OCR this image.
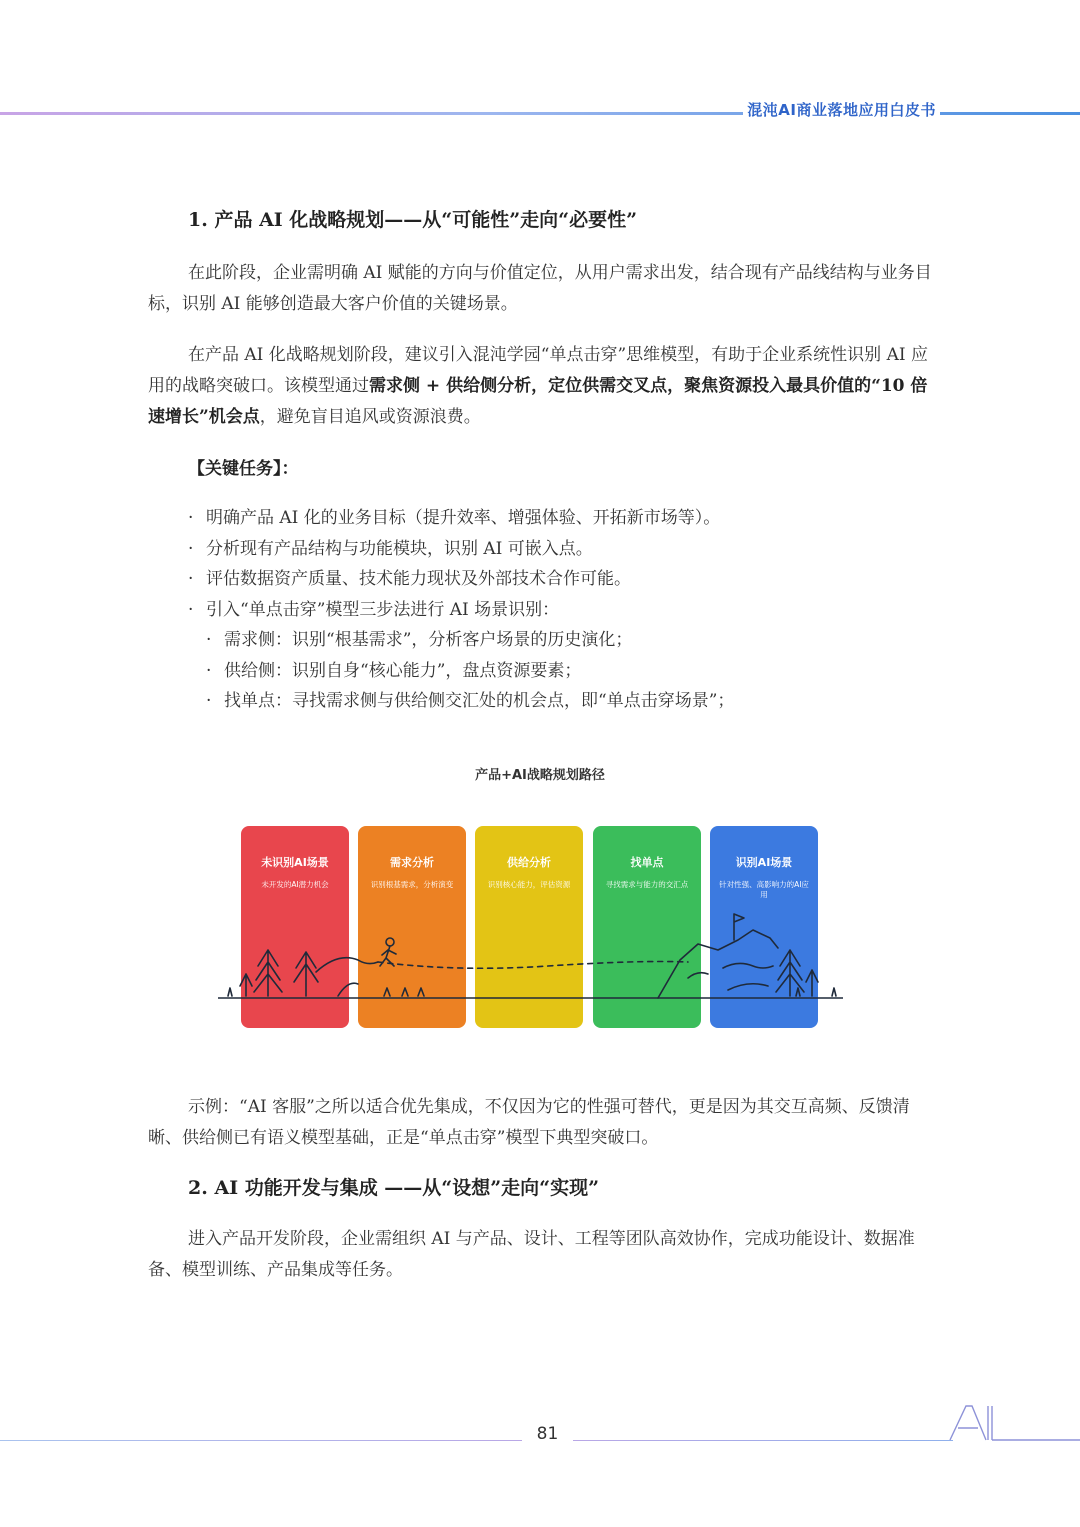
混沌AI商业落地应用白皮书
1. 产品 AI 化战略规划——从“可能性”走向“必要性”

在此阶段，企业需明确 AI 赋能的方向与价值定位，从用户需求出发，结合现有产品线结构与业务目标，识别 AI 能够创造最大客户价值的关键场景。

在产品 AI 化战略规划阶段，建议引入混沌学园“单点击穿”思维模型，有助于企业系统性识别 AI 应用的战略突破口。该模型通过需求侧 + 供给侧分析，定位供需交叉点，聚焦资源投入最具价值的“10 倍速增长”机会点，避免盲目追风或资源浪费。

【关键任务】：
· 明确产品 AI 化的业务目标（提升效率、增强体验、开拓新市场等）。
· 分析现有产品结构与功能模块，识别 AI 可嵌入点。
· 评估数据资产质量、技术能力现状及外部技术合作可能。
· 引入“单点击穿”模型三步法进行 AI 场景识别：
· 需求侧：识别“根基需求”，分析客户场景的历史演化；
· 供给侧：识别自身“核心能力”，盘点资源要素；
· 找单点：寻找需求侧与供给侧交汇处的机会点，即“单点击穿场景”；
产品+AI战略规划路径
未识别AI场景
未开发的AI潜力机会
需求分析
识别根基需求，分析演变
供给分析
识别核心能力，评估资源
找单点
寻找需求与能力的交汇点
识别AI场景
针对性强、高影响力的AI应用

示例：“AI 客服”之所以适合优先集成，不仅因为它的性强可替代，更是因为其交互高频、反馈清晰、供给侧已有语义模型基础，正是“单点击穿”模型下典型突破口。

2. AI 功能开发与集成 ——从“设想”走向“实现”

进入产品开发阶段，企业需组织 AI 与产品、设计、工程等团队高效协作，完成功能设计、数据准备、模型训练、产品集成等任务。

81
